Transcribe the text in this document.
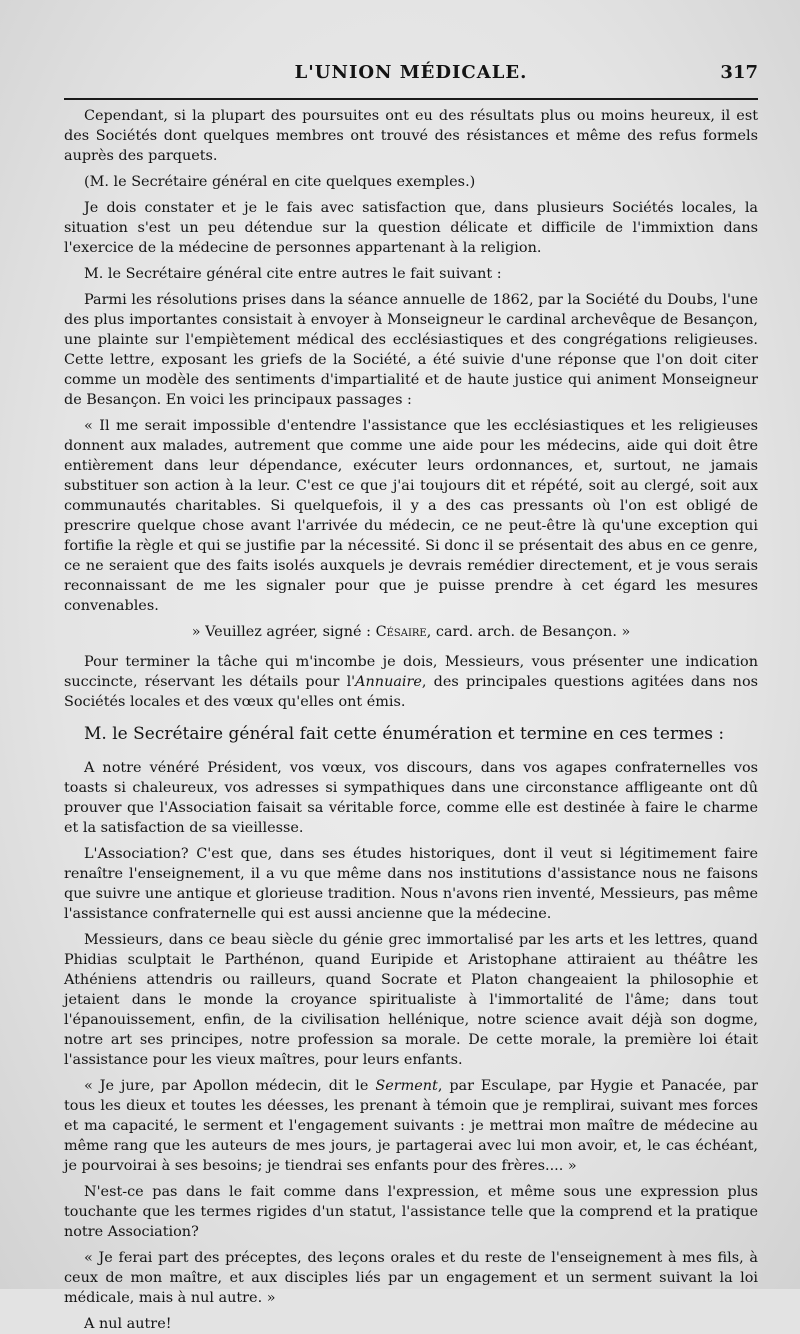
L'UNION MÉDICALE.	317

Cependant, si la plupart des poursuites ont eu des résultats plus ou moins heureux, il est des Sociétés dont quelques membres ont trouvé des résistances et même des refus formels auprès des parquets.

(M. le Secrétaire général en cite quelques exemples.)

Je dois constater et je le fais avec satisfaction que, dans plusieurs Sociétés locales, la situation s'est un peu détendue sur la question délicate et difficile de l'immixtion dans l'exercice de la médecine de personnes appartenant à la religion.

M. le Secrétaire général cite entre autres le fait suivant :

Parmi les résolutions prises dans la séance annuelle de 1862, par la Société du Doubs, l'une des plus importantes consistait à envoyer à Monseigneur le cardinal archevêque de Besançon, une plainte sur l'empiètement médical des ecclésiastiques et des congrégations religieuses. Cette lettre, exposant les griefs de la Société, a été suivie d'une réponse que l'on doit citer comme un modèle des sentiments d'impartialité et de haute justice qui animent Monseigneur de Besançon. En voici les principaux passages :

« Il me serait impossible d'entendre l'assistance que les ecclésiastiques et les religieuses donnent aux malades, autrement que comme une aide pour les médecins, aide qui doit être entièrement dans leur dépendance, exécuter leurs ordonnances, et, surtout, ne jamais substituer son action à la leur. C'est ce que j'ai toujours dit et répété, soit au clergé, soit aux communautés charitables. Si quelquefois, il y a des cas pressants où l'on est obligé de prescrire quelque chose avant l'arrivée du médecin, ce ne peut-être là qu'une exception qui fortifie la règle et qui se justifie par la nécessité. Si donc il se présentait des abus en ce genre, ce ne seraient que des faits isolés auxquels je devrais remédier directement, et je vous serais reconnaissant de me les signaler pour que je puisse prendre à cet égard les mesures convenables.

» Veuillez agréer, signé : Césaire, card. arch. de Besançon. »

Pour terminer la tâche qui m'incombe je dois, Messieurs, vous présenter une indication succincte, réservant les détails pour l'Annuaire, des principales questions agitées dans nos Sociétés locales et des vœux qu'elles ont émis.

M. le Secrétaire général fait cette énumération et termine en ces termes :

A notre vénéré Président, vos vœux, vos discours, dans vos agapes confraternelles vos toasts si chaleureux, vos adresses si sympathiques dans une circonstance affligeante ont dû prouver que l'Association faisait sa véritable force, comme elle est destinée à faire le charme et la satisfaction de sa vieillesse.

L'Association? C'est que, dans ses études historiques, dont il veut si légitimement faire renaître l'enseignement, il a vu que même dans nos institutions d'assistance nous ne faisons que suivre une antique et glorieuse tradition. Nous n'avons rien inventé, Messieurs, pas même l'assistance confraternelle qui est aussi ancienne que la médecine.

Messieurs, dans ce beau siècle du génie grec immortalisé par les arts et les lettres, quand Phidias sculptait le Parthénon, quand Euripide et Aristophane attiraient au théâtre les Athéniens attendris ou railleurs, quand Socrate et Platon changeaient la philosophie et jetaient dans le monde la croyance spiritualiste à l'immortalité de l'âme; dans tout l'épanouissement, enfin, de la civilisation hellénique, notre science avait déjà son dogme, notre art ses principes, notre profession sa morale. De cette morale, la première loi était l'assistance pour les vieux maîtres, pour leurs enfants.

« Je jure, par Apollon médecin, dit le Serment, par Esculape, par Hygie et Panacée, par tous les dieux et toutes les déesses, les prenant à témoin que je remplirai, suivant mes forces et ma capacité, le serment et l'engagement suivants : je mettrai mon maître de médecine au même rang que les auteurs de mes jours, je partagerai avec lui mon avoir, et, le cas échéant, je pourvoirai à ses besoins; je tiendrai ses enfants pour des frères.... »

N'est-ce pas dans le fait comme dans l'expression, et même sous une expression plus touchante que les termes rigides d'un statut, l'assistance telle que la comprend et la pratique notre Association?

« Je ferai part des préceptes, des leçons orales et du reste de l'enseignement à mes fils, à ceux de mon maître, et aux disciples liés par un engagement et un serment suivant la loi médicale, mais à nul autre. »

A nul autre!
